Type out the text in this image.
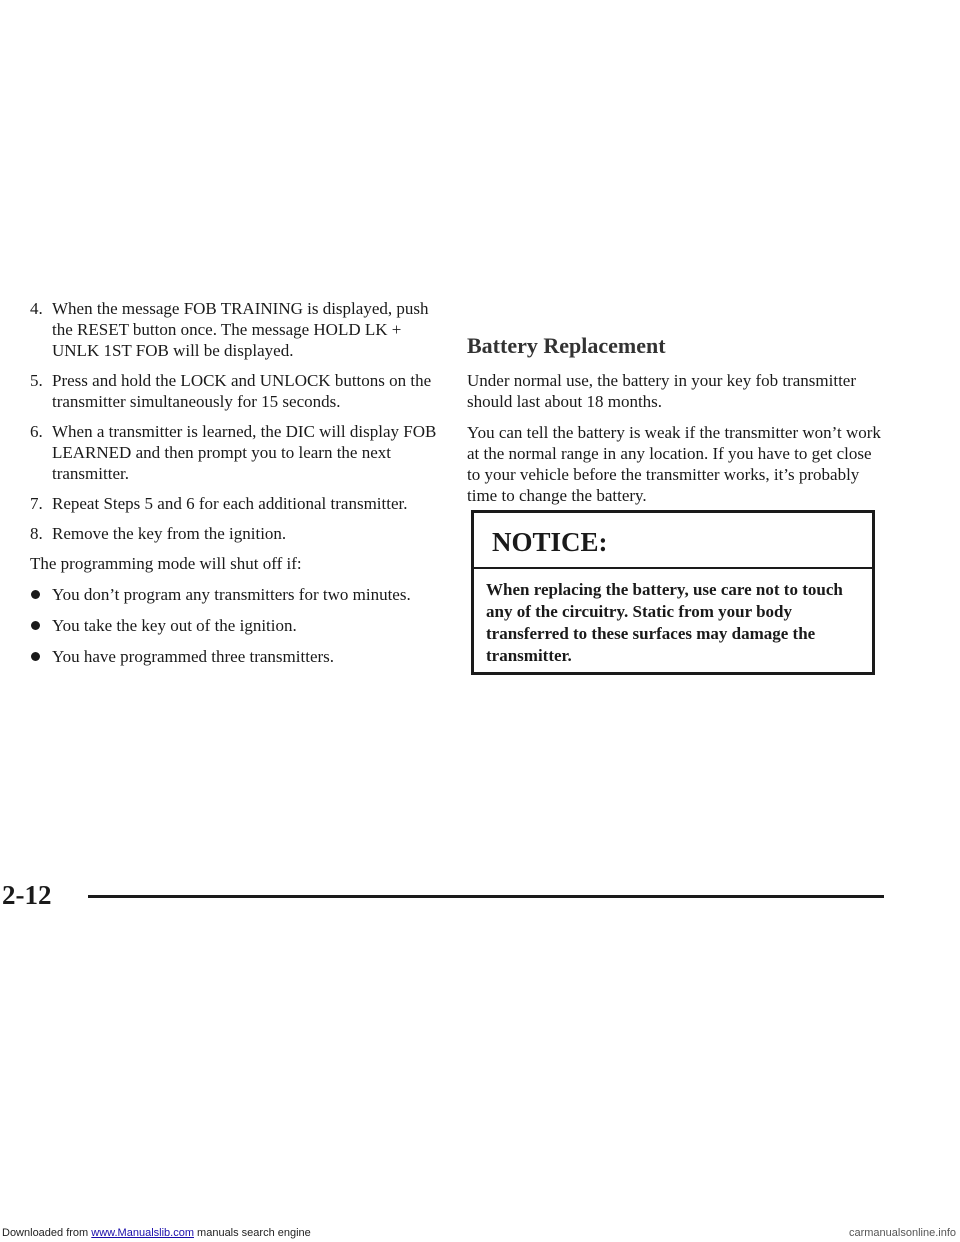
4. When the message FOB TRAINING is displayed, push the RESET button once. The message HOLD LK + UNLK 1ST FOB will be displayed.
5. Press and hold the LOCK and UNLOCK buttons on the transmitter simultaneously for 15 seconds.
6. When a transmitter is learned, the DIC will display FOB LEARNED and then prompt you to learn the next transmitter.
7. Repeat Steps 5 and 6 for each additional transmitter.
8. Remove the key from the ignition.
The programming mode will shut off if:
You don’t program any transmitters for two minutes.
You take the key out of the ignition.
You have programmed three transmitters.
Battery Replacement
Under normal use, the battery in your key fob transmitter should last about 18 months.
You can tell the battery is weak if the transmitter won’t work at the normal range in any location. If you have to get close to your vehicle before the transmitter works, it’s probably time to change the battery.
NOTICE:
When replacing the battery, use care not to touch any of the circuitry. Static from your body transferred to these surfaces may damage the transmitter.
2-12
Downloaded from www.Manualslib.com manuals search engine	carmanualsonline.info
